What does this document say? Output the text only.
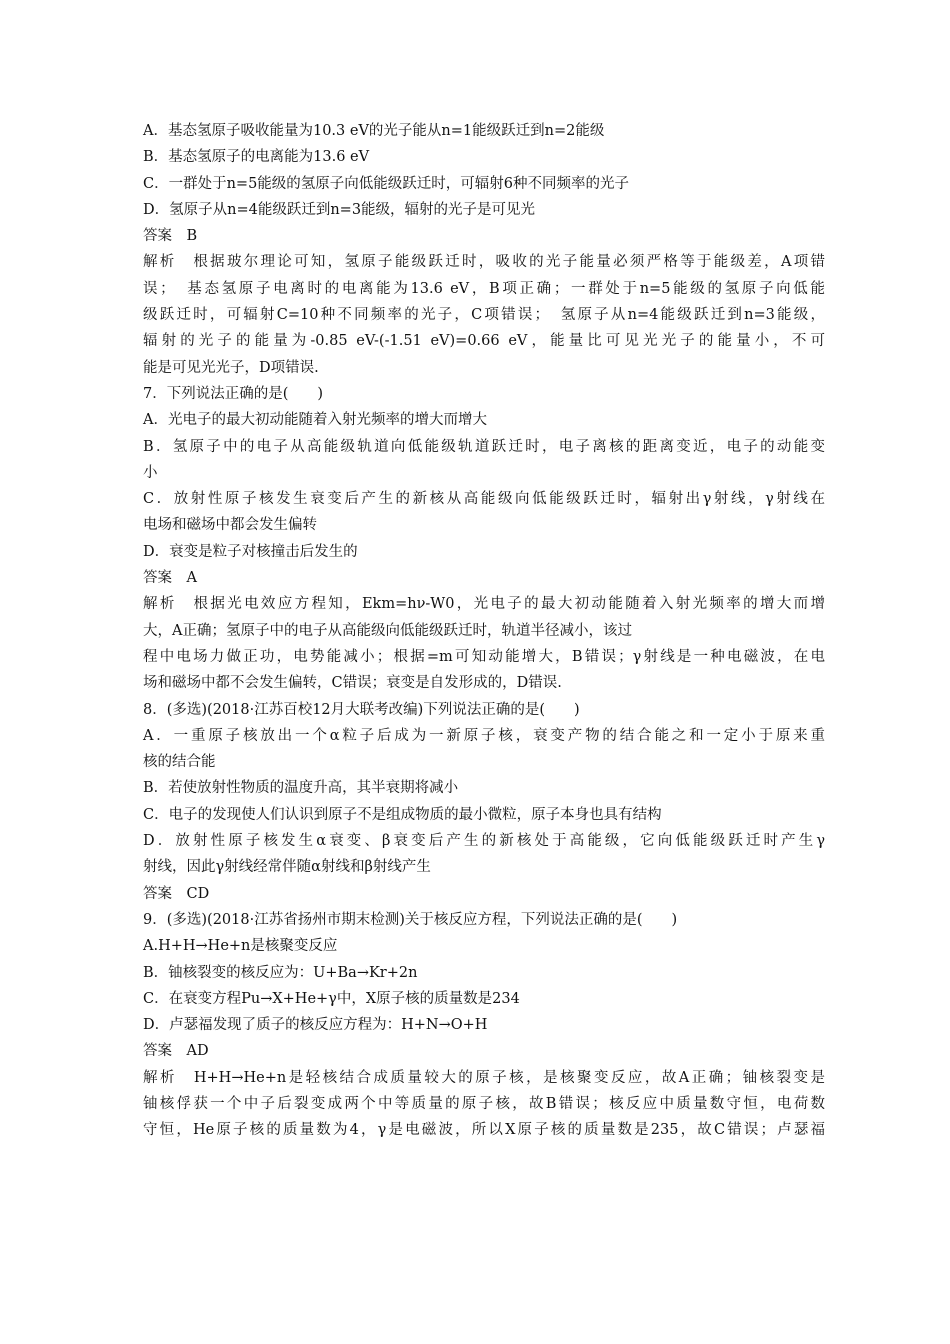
A．基态氢原子吸收能量为10.3 eV的光子能从n=1能级跃迁到n=2能级
B．基态氢原子的电离能为13.6 eV
C．一群处于n=5能级的氢原子向低能级跃迁时，可辐射6种不同频率的光子
D．氢原子从n=4能级跃迁到n=3能级，辐射的光子是可见光
答案　B
解析　根据玻尔理论可知，氢原子能级跃迁时，吸收的光子能量必须严格等于能级差，A项错
误；　基态氢原子电离时的电离能为13.6 eV，B项正确；一群处于n=5能级的氢原子向低能
级跃迁时，可辐射C=10种不同频率的光子，C项错误；　氢原子从n=4能级跃迁到n=3能级，
辐射的光子的能量为-0.85 eV-(-1.51 eV)=0.66 eV，能量比可见光光子的能量小，不可
能是可见光光子，D项错误.
7．下列说法正确的是(　　)
A．光电子的最大初动能随着入射光频率的增大而增大
B．氢原子中的电子从高能级轨道向低能级轨道跃迁时，电子离核的距离变近，电子的动能变
小
C．放射性原子核发生衰变后产生的新核从高能级向低能级跃迁时，辐射出γ射线，γ射线在
电场和磁场中都会发生偏转
D．衰变是粒子对核撞击后发生的
答案　A
解析　根据光电效应方程知，Ekm=hν-W0，光电子的最大初动能随着入射光频率的增大而增
大，A正确；氢原子中的电子从高能级向低能级跃迁时，轨道半径减小，该过
程中电场力做正功，电势能减小；根据=m可知动能增大，B错误；γ射线是一种电磁波，在电
场和磁场中都不会发生偏转，C错误；衰变是自发形成的，D错误.
8．(多选)(2018·江苏百校12月大联考改编)下列说法正确的是(　　)
A．一重原子核放出一个α粒子后成为一新原子核，衰变产物的结合能之和一定小于原来重
核的结合能
B．若使放射性物质的温度升高，其半衰期将减小
C．电子的发现使人们认识到原子不是组成物质的最小微粒，原子本身也具有结构
D．放射性原子核发生α衰变、β衰变后产生的新核处于高能级，它向低能级跃迁时产生γ
射线，因此γ射线经常伴随α射线和β射线产生
答案　CD
9．(多选)(2018·江苏省扬州市期末检测)关于核反应方程，下列说法正确的是(　　)
A.H+H→He+n是核聚变反应
B．铀核裂变的核反应为：U+Ba→Kr+2n
C．在衰变方程Pu→X+He+γ中，X原子核的质量数是234
D．卢瑟福发现了质子的核反应方程为：H+N→O+H
答案　AD
解析　H+H→He+n是轻核结合成质量较大的原子核，是核聚变反应，故A正确；铀核裂变是
铀核俘获一个中子后裂变成两个中等质量的原子核，故B错误；核反应中质量数守恒，电荷数
守恒，He原子核的质量数为4，γ是电磁波，所以X原子核的质量数是235，故C错误；卢瑟福
